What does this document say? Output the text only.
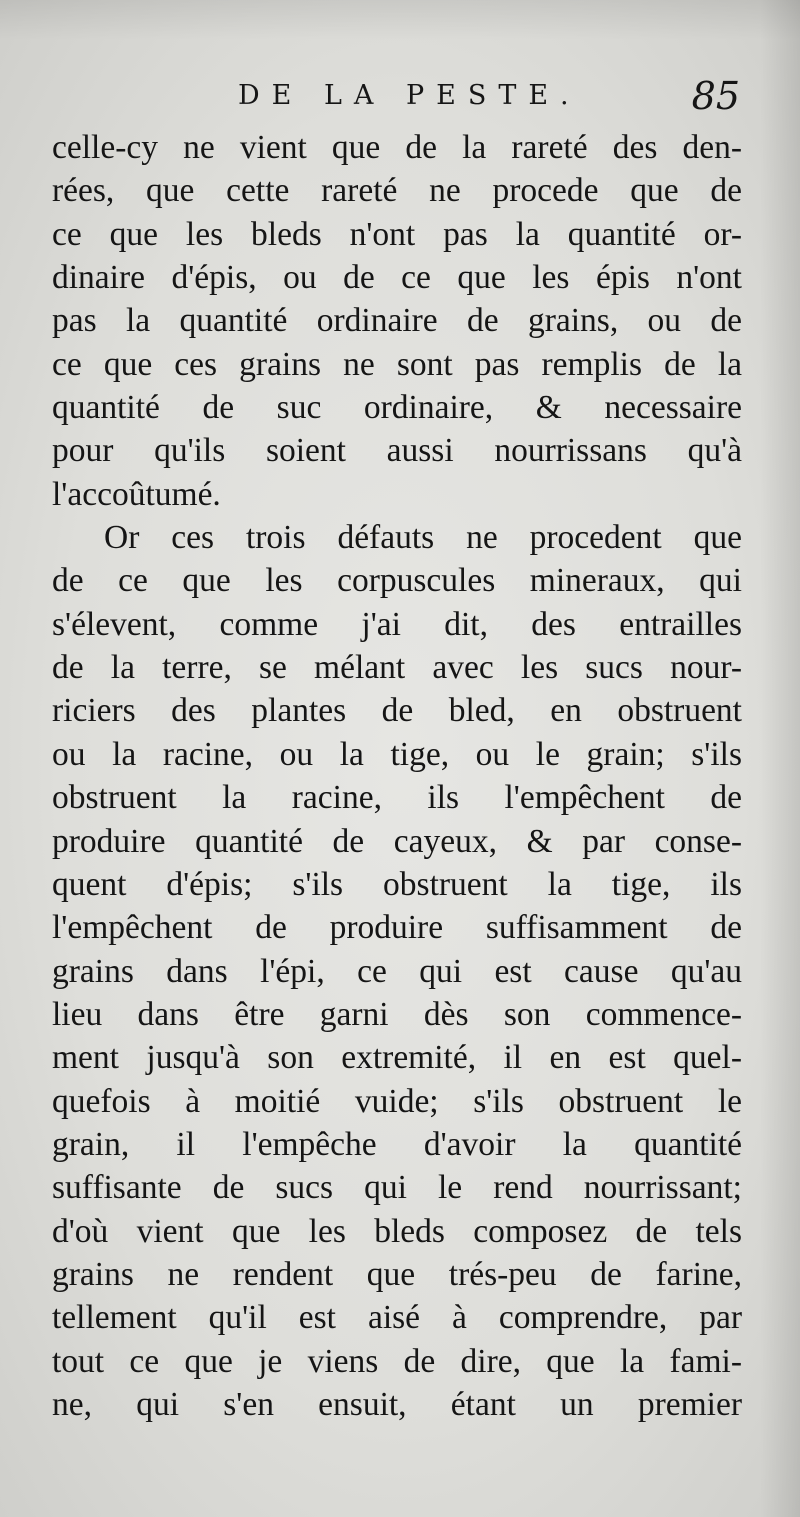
DE LA PESTE.	85
celle-cy ne vient que de la rareté des den-
rées, que cette rareté ne procede que de
ce que les bleds n'ont pas la quantité or-
dinaire d'épis, ou de ce que les épis n'ont
pas la quantité ordinaire de grains, ou de
ce que ces grains ne sont pas remplis de la
quantité de suc ordinaire, & necessaire
pour qu'ils soient aussi nourrissans qu'à
l'accoûtumé.
Or ces trois défauts ne procedent que
de ce que les corpuscules mineraux, qui
s'élevent, comme j'ai dit, des entrailles
de la terre, se mélant avec les sucs nour-
riciers des plantes de bled, en obstruent
ou la racine, ou la tige, ou le grain; s'ils
obstruent la racine, ils l'empêchent de
produire quantité de cayeux, & par conse-
quent d'épis; s'ils obstruent la tige, ils
l'empêchent de produire suffisamment de
grains dans l'épi, ce qui est cause qu'au
lieu dans être garni dès son commence-
ment jusqu'à son extremité, il en est quel-
quefois à moitié vuide; s'ils obstruent le
grain, il l'empêche d'avoir la quantité
suffisante de sucs qui le rend nourrissant;
d'où vient que les bleds composez de tels
grains ne rendent que trés-peu de farine,
tellement qu'il est aisé à comprendre, par
tout ce que je viens de dire, que la fami-
ne, qui s'en ensuit, étant un premier
